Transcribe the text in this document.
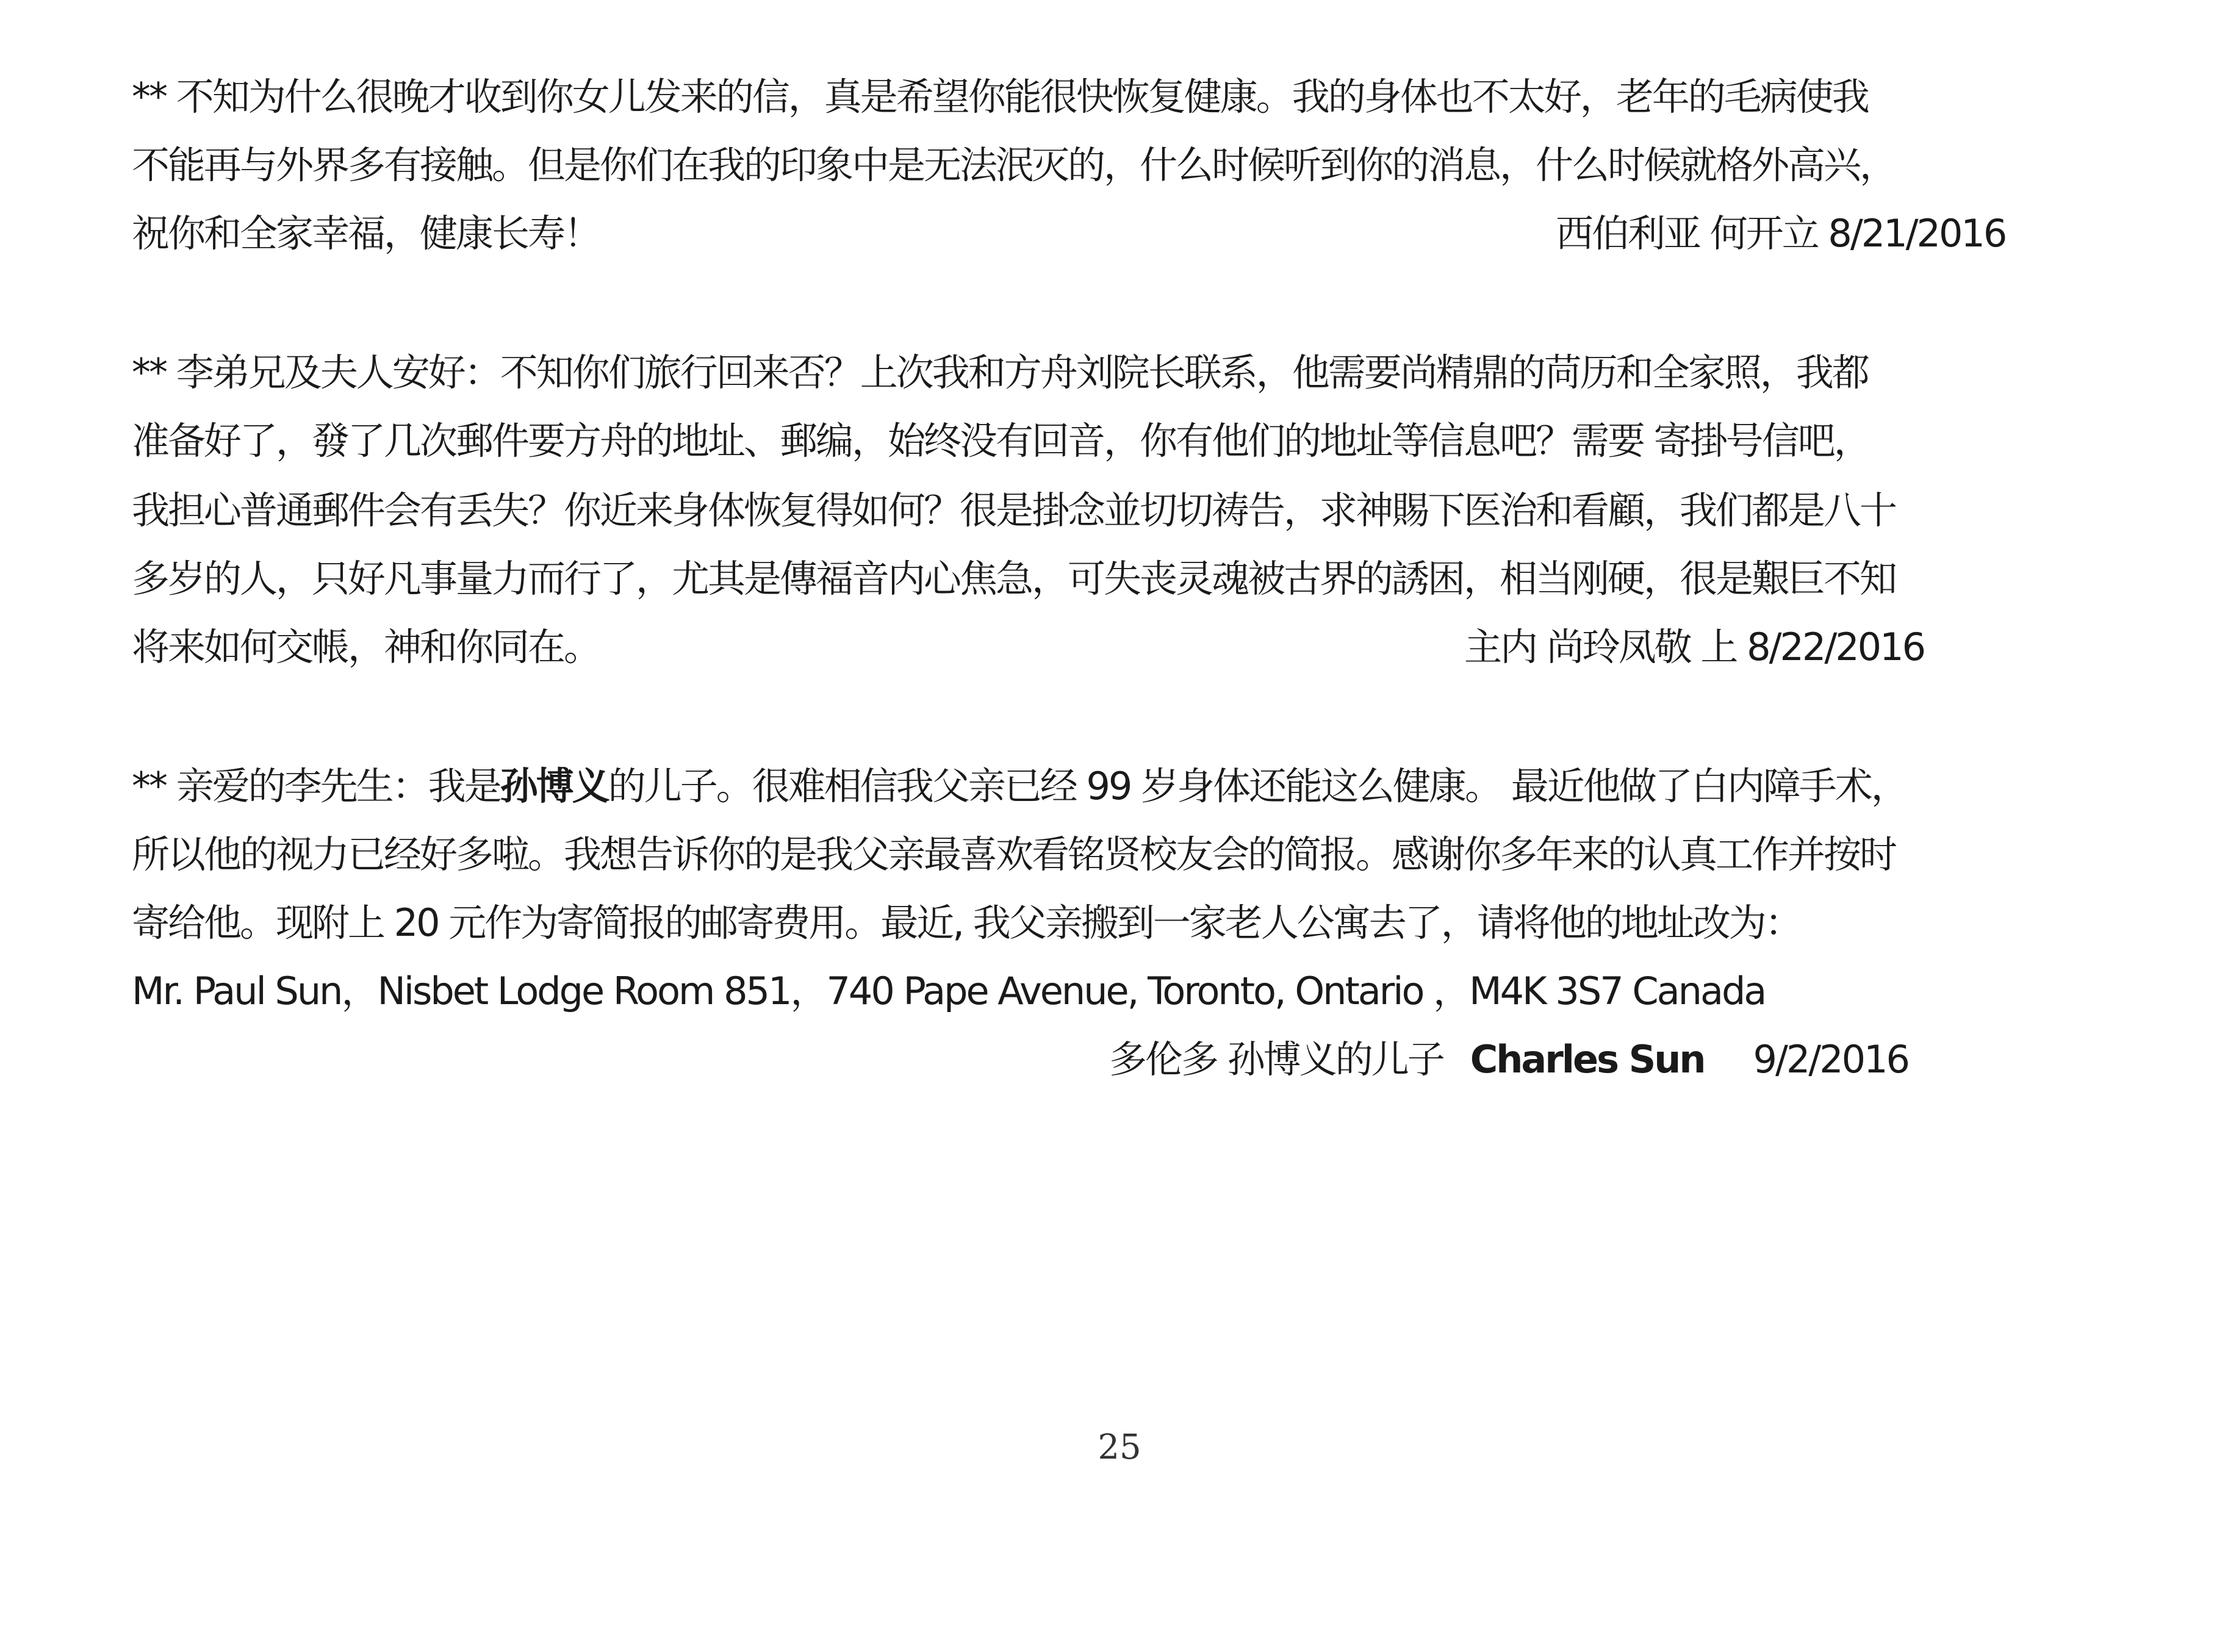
** 不知为什么很晚才收到你女儿发来的信，真是希望你能很快恢复健康。我的身体也不太好，老年的毛病使我
不能再与外界多有接触。但是你们在我的印象中是无法泯灭的，什么时候听到你的消息，什么时候就格外高兴，
祝你和全家幸福，健康长寿！	西伯利亚 何开立 8/21/2016
** 李弟兄及夫人安好：不知你们旅行回来否？上次我和方舟刘院长联系，他需要尚精鼎的苘历和全家照，我都
准备好了，發了几次郵件要方舟的地址、郵编，始终没有回音，你有他们的地址等信息吧？需要 寄掛号信吧，
我担心普通郵件会有丢失？你近来身体恢复得如何？很是掛念並切切祷告，求神賜下医治和看顧，我们都是八十
多岁的人，只好凡事量力而行了，尤其是傳福音内心焦急，可失丧灵魂被古界的誘困，相当刚硬，很是艱巨不知
将来如何交帳，神和你同在。	主内 尚玲凤敬 上 8/22/2016
** 亲爱的李先生：我是孙博义的儿子。很难相信我父亲已经 99 岁身体还能这么健康。 最近他做了白内障手术，
所以他的视力已经好多啦。我想告诉你的是我父亲最喜欢看铭贤校友会的简报。感谢你多年来的认真工作并按时
寄给他。现附上 20 元作为寄简报的邮寄费用。最近, 我父亲搬到一家老人公寓去了，请将他的地址改为：
Mr. Paul Sun，Nisbet Lodge Room 851，740 Pape Avenue, Toronto, Ontario ，M4K 3S7 Canada
多伦多 孙博义的儿子 Charles Sun 9/2/2016
25
